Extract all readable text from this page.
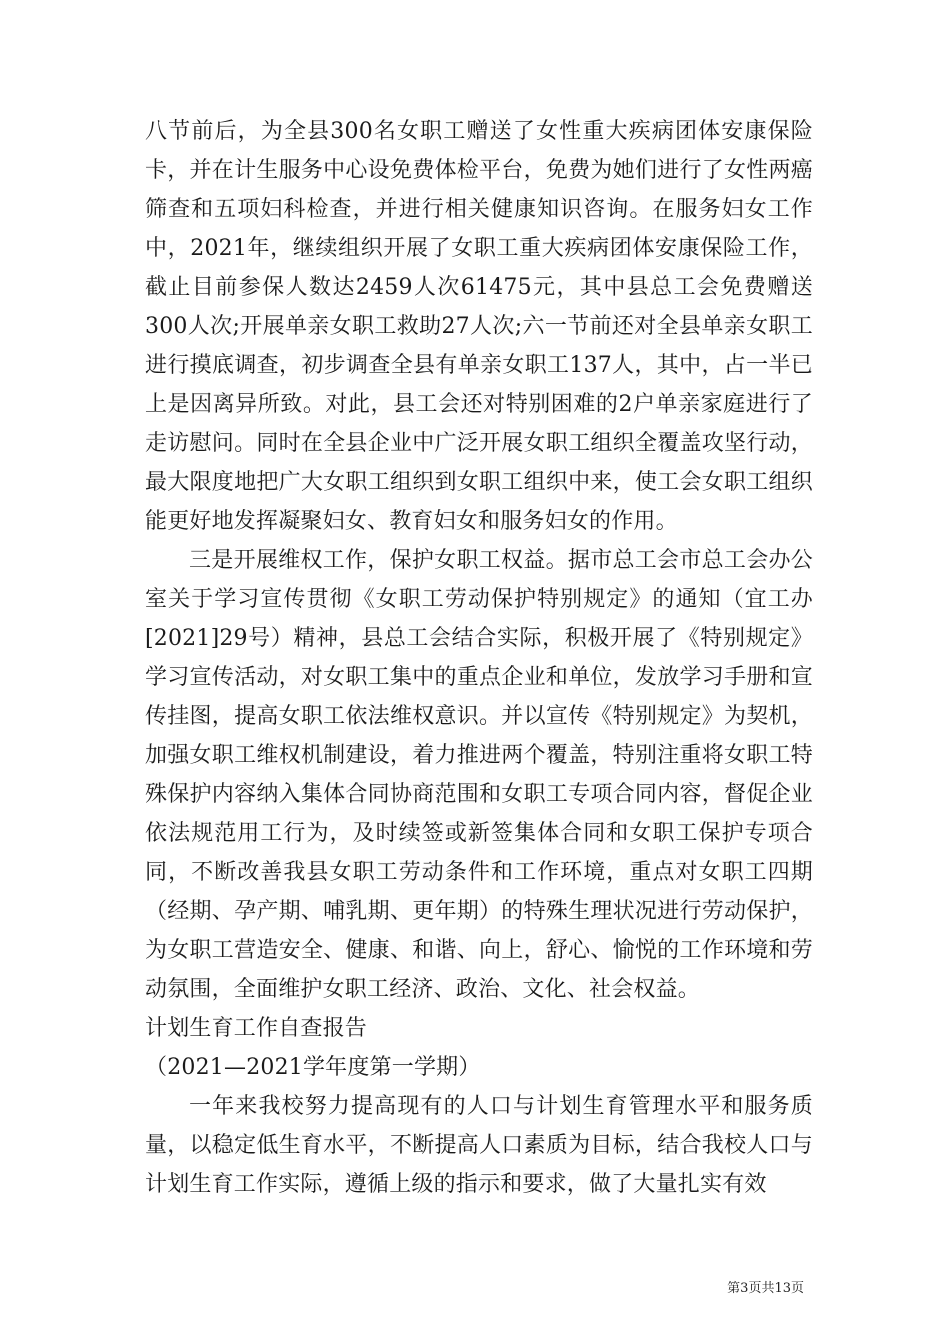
八节前后，为全县300名女职工赠送了女性重大疾病团体安康保险卡，并在计生服务中心设免费体检平台，免费为她们进行了女性两癌筛查和五项妇科检查，并进行相关健康知识咨询。在服务妇女工作中，2021年，继续组织开展了女职工重大疾病团体安康保险工作，截止目前参保人数达2459人次61475元，其中县总工会免费赠送300人次;开展单亲女职工救助27人次;六一节前还对全县单亲女职工进行摸底调查，初步调查全县有单亲女职工137人，其中，占一半已上是因离异所致。对此，县工会还对特别困难的2户单亲家庭进行了走访慰问。同时在全县企业中广泛开展女职工组织全覆盖攻坚行动，最大限度地把广大女职工组织到女职工组织中来，使工会女职工组织能更好地发挥凝聚妇女、教育妇女和服务妇女的作用。

三是开展维权工作，保护女职工权益。据市总工会市总工会办公室关于学习宣传贯彻《女职工劳动保护特别规定》的通知（宜工办[2021]29号）精神，县总工会结合实际，积极开展了《特别规定》学习宣传活动，对女职工集中的重点企业和单位，发放学习手册和宣传挂图，提高女职工依法维权意识。并以宣传《特别规定》为契机，加强女职工维权机制建设，着力推进两个覆盖，特别注重将女职工特殊保护内容纳入集体合同协商范围和女职工专项合同内容，督促企业依法规范用工行为，及时续签或新签集体合同和女职工保护专项合同，不断改善我县女职工劳动条件和工作环境，重点对女职工四期（经期、孕产期、哺乳期、更年期）的特殊生理状况进行劳动保护，为女职工营造安全、健康、和谐、向上，舒心、愉悦的工作环境和劳动氛围，全面维护女职工经济、政治、文化、社会权益。

计划生育工作自查报告

（2021—2021学年度第一学期）

一年来我校努力提高现有的人口与计划生育管理水平和服务质量，以稳定低生育水平，不断提高人口素质为目标，结合我校人口与计划生育工作实际，遵循上级的指示和要求，做了大量扎实有效

第3页共13页
